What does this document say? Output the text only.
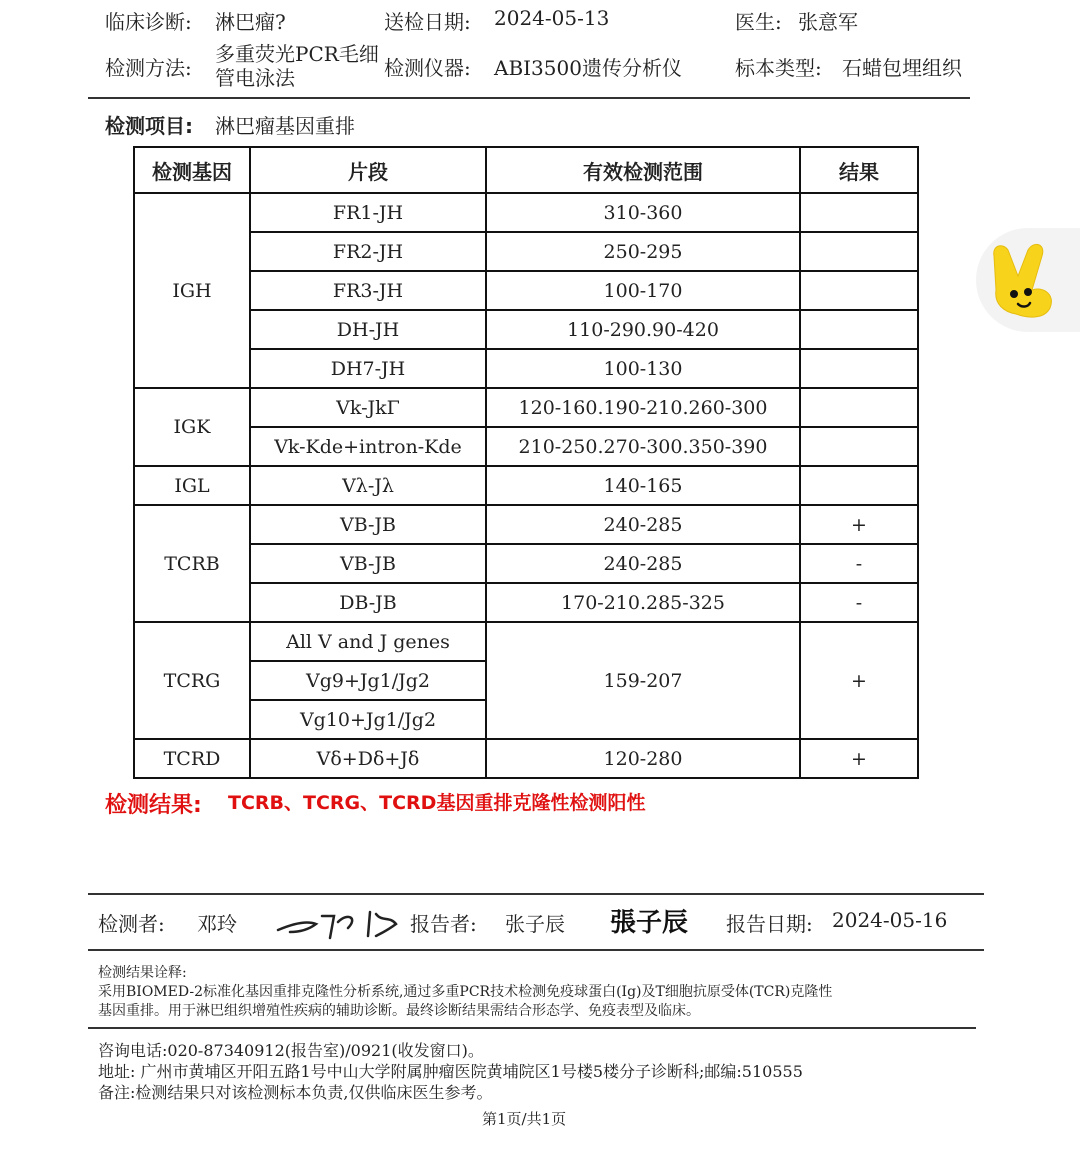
临床诊断: 淋巴瘤?	送检日期: 2024-05-13	医生: 张意军
检测方法:
多重荧光PCR毛细
管电泳法	检测仪器: ABI3500遗传分析仪	标本类型: 石蜡包埋组织
检测项目: 淋巴瘤基因重排
检测基因	片段	有效检测范围	结果
IGH	FR1-JH	310-360	
	FR2-JH	250-295	
	FR3-JH	100-170	
	DH-JH	110-290.90-420	
	DH7-JH	100-130	
IGK	Vk-JkΓ	120-160.190-210.260-300	
	Vk-Kde+intron-Kde	210-250.270-300.350-390	
IGL	Vλ-Jλ	140-165	
TCRB	VB-JB	240-285	+
	VB-JB	240-285	-
	DB-JB	170-210.285-325	-
TCRG	All V and J genes	159-207	+
	Vg9+Jg1/Jg2		
	Vg10+Jg1/Jg2		
TCRD	Vδ+Dδ+Jδ	120-280	+
检测结果: TCRB、TCRG、TCRD基因重排克隆性检测阳性
检测者: 邓玲	报告者: 张子辰 張子辰 报告日期: 2024-05-16
检测结果诠释:
采用BIOMED-2标准化基因重排克隆性分析系统,通过多重PCR技术检测免疫球蛋白(Ig)及T细胞抗原受体(TCR)克隆性
基因重排。用于淋巴组织增殖性疾病的辅助诊断。最终诊断结果需结合形态学、免疫表型及临床。
咨询电话:020-87340912(报告室)/0921(收发窗口)。
地址: 广州市黄埔区开阳五路1号中山大学附属肿瘤医院黄埔院区1号楼5楼分子诊断科;邮编:510555
备注:检测结果只对该检测标本负责,仅供临床医生参考。
第1页/共1页
